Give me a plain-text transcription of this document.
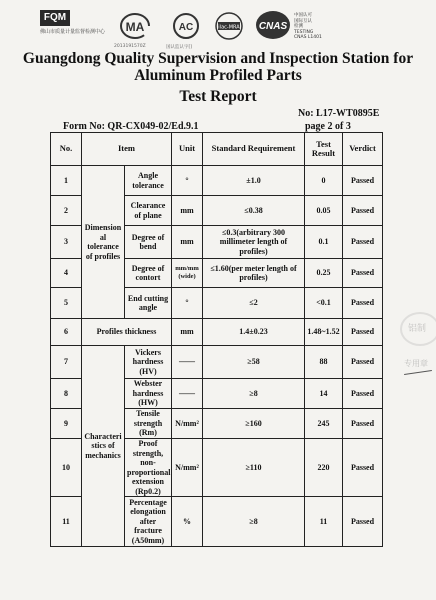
FQM
佛山市质量计量监督检测中心 MA
2013191570Z
AC
国认监认字[]
ilac-MRA CNAS
中国认可
国际互认
检测
TESTING
CNAS L1401
Guangdong Quality Supervision and Inspection Station for
Aluminum Profiled Parts
Test Report
No: L17-WT0895E
Form No: QR-CX049-02/Ed.9.1	page 2 of 3
No.	Item		Unit	Standard Requirement	Test Result	Verdict
1	Dimension
al tolerance
of profiles	Angle tolerance	°	±1.0	0	Passed
2		Clearance of plane	mm	≤0.38	0.05	Passed
3		Degree of bend	mm	≤0.3(arbitrary 300 millimeter length of profiles)	0.1	Passed
4		Degree of contort	mm/mm (wide)	≤1.60(per meter length of profiles)	0.25	Passed
5		End cutting angle	°	≤2	<0.1	Passed
6	Profiles thickness		mm	1.4±0.23	1.48~1.52	Passed
7	Characteri
stics of
mechanics	Vickers hardness (HV)	——	≥58	88	Passed
8		Webster hardness (HW)	——	≥8	14	Passed
9		Tensile strength (Rm)	N/mm²	≥160	245	Passed
10		Proof strength, non-proportional extension (Rp0.2)	N/mm²	≥110	220	Passed
11		Percentage elongation after fracture (A50mm)	%	≥8	11	Passed
铝制
专用章
